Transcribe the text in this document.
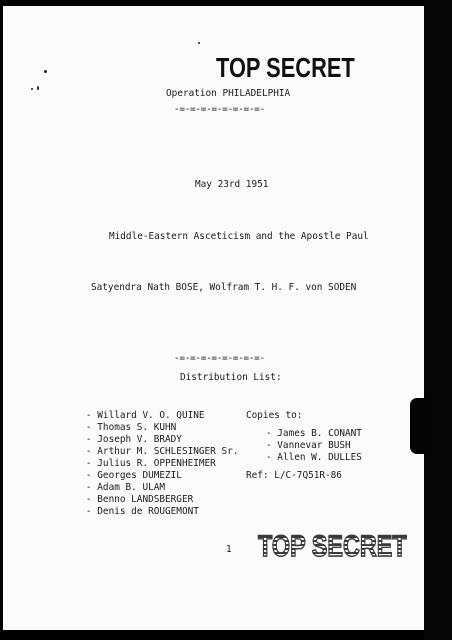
TOP SECRET
Operation PHILADELPHIA
-=-=-=-=-=-=-=-=-
May 23rd 1951
Middle-Eastern Asceticism and the Apostle Paul
Satyendra Nath BOSE, Wolfram T. H. F. von SODEN
-=-=-=-=-=-=-=-=-
Distribution List:
- Willard V. O. QUINE
- Thomas S. KUHN
- Joseph V. BRADY
- Arthur M. SCHLESINGER Sr.
- Julius R. OPPENHEIMER
- Georges DUMEZIL
- Adam B. ULAM
- Benno LANDSBERGER
- Denis de ROUGEMONT
Copies to:
- James B. CONANT
- Vannevar BUSH
- Allen W. DULLES
Ref: L/C-7Q51R-86
1 TOP SECRET
